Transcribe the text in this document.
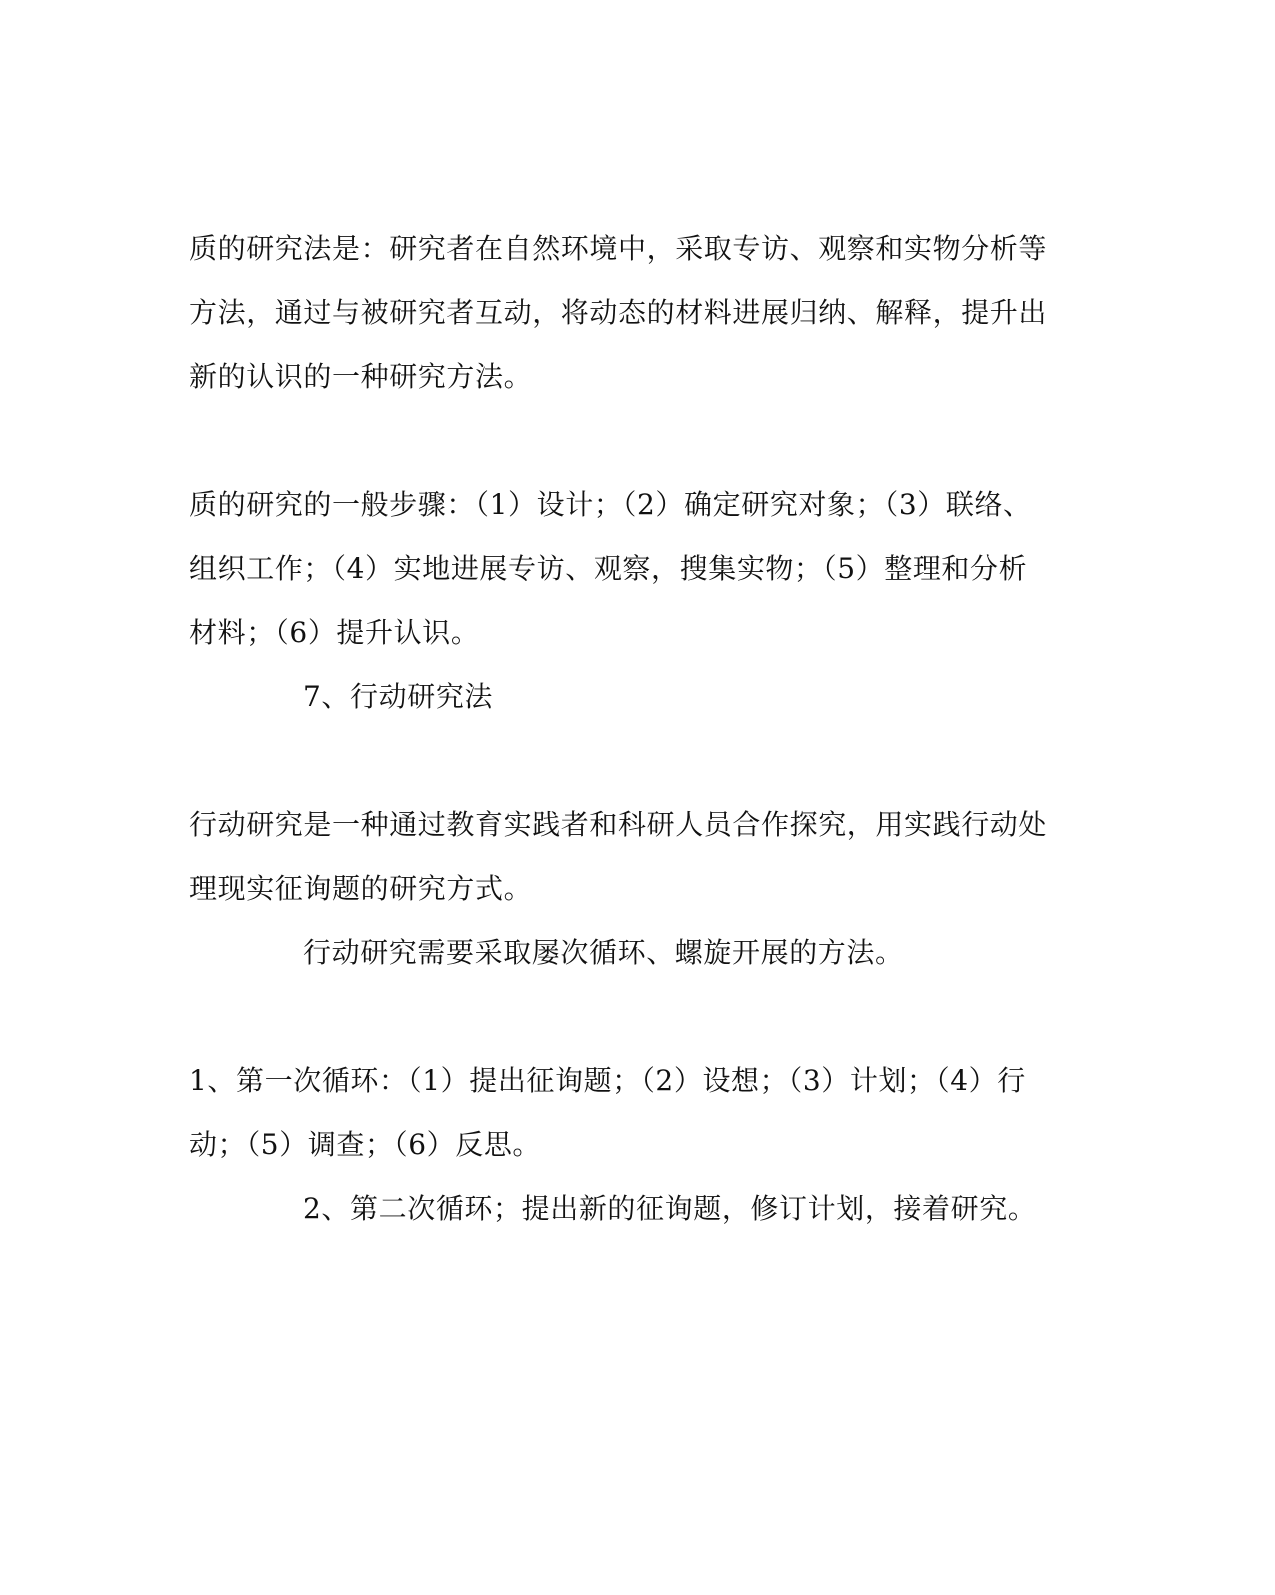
质的研究法是：研究者在自然环境中，采取专访、观察和实物分析等
方法，通过与被研究者互动，将动态的材料进展归纳、解释，提升出
新的认识的一种研究方法。
质的研究的一般步骤：（1）设计；（2）确定研究对象；（3）联络、
组织工作；（4）实地进展专访、观察，搜集实物；（5）整理和分析
材料；（6）提升认识。
7、行动研究法
行动研究是一种通过教育实践者和科研人员合作探究，用实践行动处
理现实征询题的研究方式。
行动研究需要采取屡次循环、螺旋开展的方法。
1、第一次循环：（1）提出征询题；（2）设想；（3）计划；（4）行
动；（5）调查；（6）反思。
2、第二次循环；提出新的征询题，修订计划，接着研究。
